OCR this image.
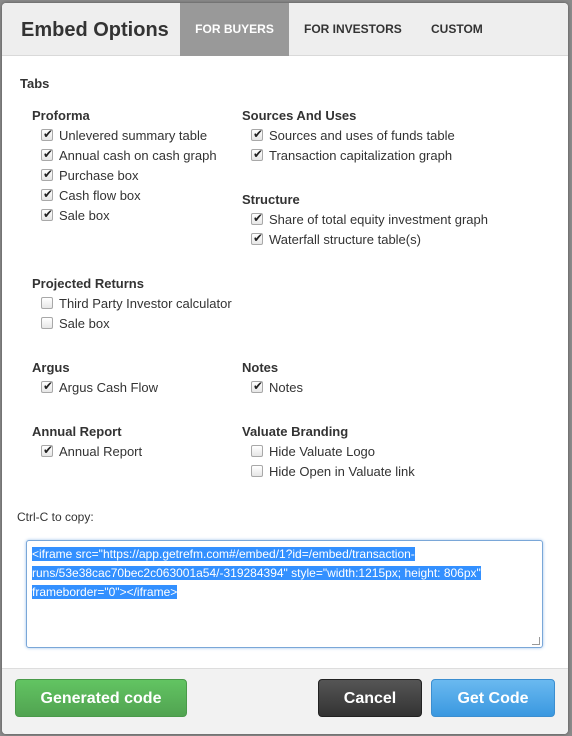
Embed Options	FOR BUYERS	FOR INVESTORS CUSTOM
Tabs
Proforma
✔ Unlevered summary table
✔ Annual cash on cash graph
✔ Purchase box
✔ Cash flow box
✔ Sale box
Sources And Uses
✔ Sources and uses of funds table
✔ Transaction capitalization graph
Structure
✔ Share of total equity investment graph
✔ Waterfall structure table(s)
Projected Returns
Third Party Investor calculator
Sale box
Argus
✔ Argus Cash Flow
Notes
✔ Notes
Annual Report
✔ Annual Report
Valuate Branding
Hide Valuate Logo
Hide Open in Valuate link
Ctrl-C to copy:
<iframe src="https://app.getrefm.com#/embed/1?id=/embed/transaction-
runs/53e38cac70bec2c063001a54/-319284394" style="width:1215px; height: 806px"
frameborder="0"></iframe>
Generated code	Cancel	Get Code
